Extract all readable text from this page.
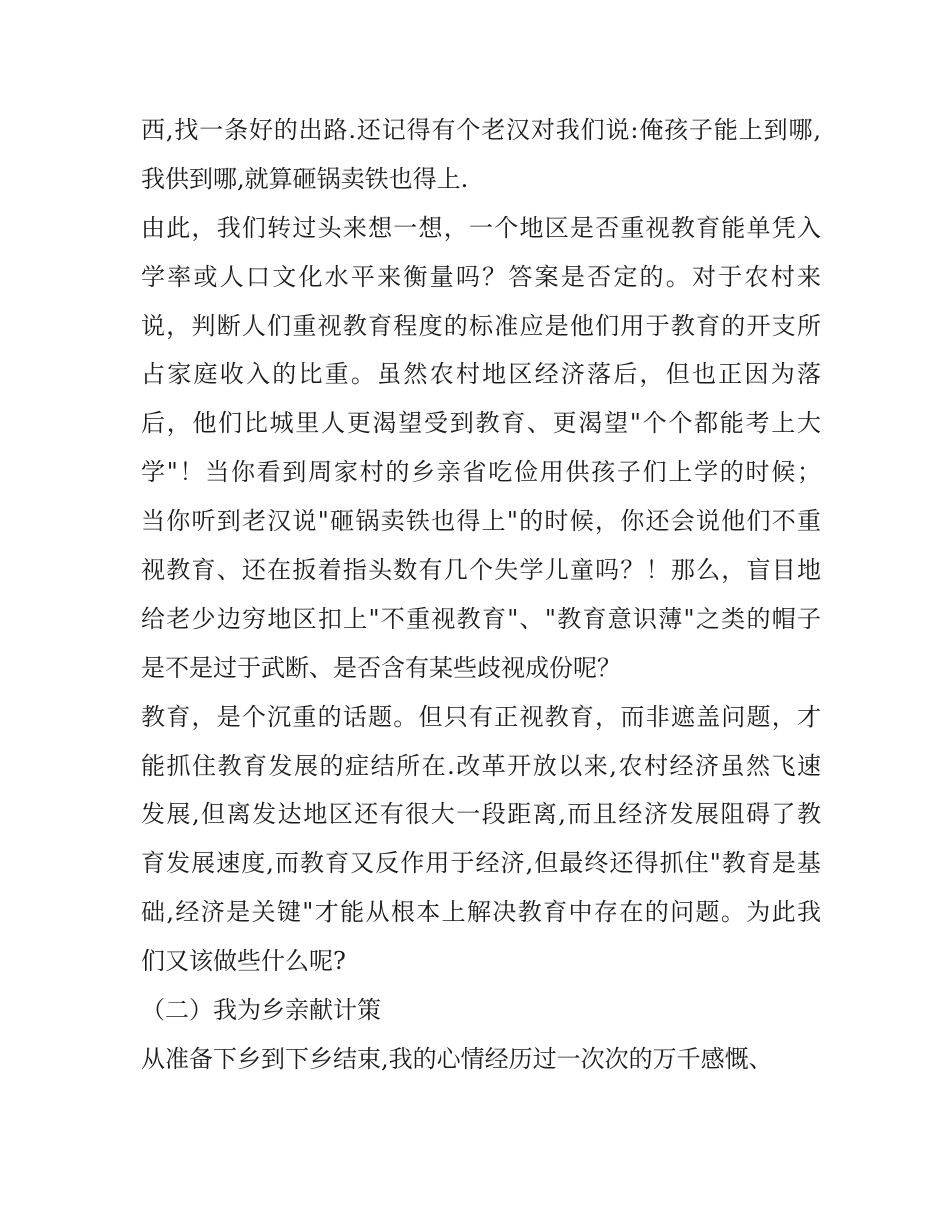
西,找一条好的出路.还记得有个老汉对我们说:俺孩子能上到哪,
我供到哪,就算砸锅卖铁也得上.
由此，我们转过头来想一想，一个地区是否重视教育能单凭入
学率或人口文化水平来衡量吗？答案是否定的。对于农村来
说，判断人们重视教育程度的标准应是他们用于教育的开支所
占家庭收入的比重。虽然农村地区经济落后，但也正因为落
后，他们比城里人更渴望受到教育、更渴望"个个都能考上大
学"！当你看到周家村的乡亲省吃俭用供孩子们上学的时候；
当你听到老汉说"砸锅卖铁也得上"的时候，你还会说他们不重
视教育、还在扳着指头数有几个失学儿童吗？！那么，盲目地
给老少边穷地区扣上"不重视教育"、"教育意识薄"之类的帽子
是不是过于武断、是否含有某些歧视成份呢？
教育，是个沉重的话题。但只有正视教育，而非遮盖问题，才
能抓住教育发展的症结所在.改革开放以来,农村经济虽然飞速
发展,但离发达地区还有很大一段距离,而且经济发展阻碍了教
育发展速度,而教育又反作用于经济,但最终还得抓住"教育是基
础,经济是关键"才能从根本上解决教育中存在的问题。为此我
们又该做些什么呢?
（二）我为乡亲献计策
从准备下乡到下乡结束,我的心情经历过一次次的万千感慨、
